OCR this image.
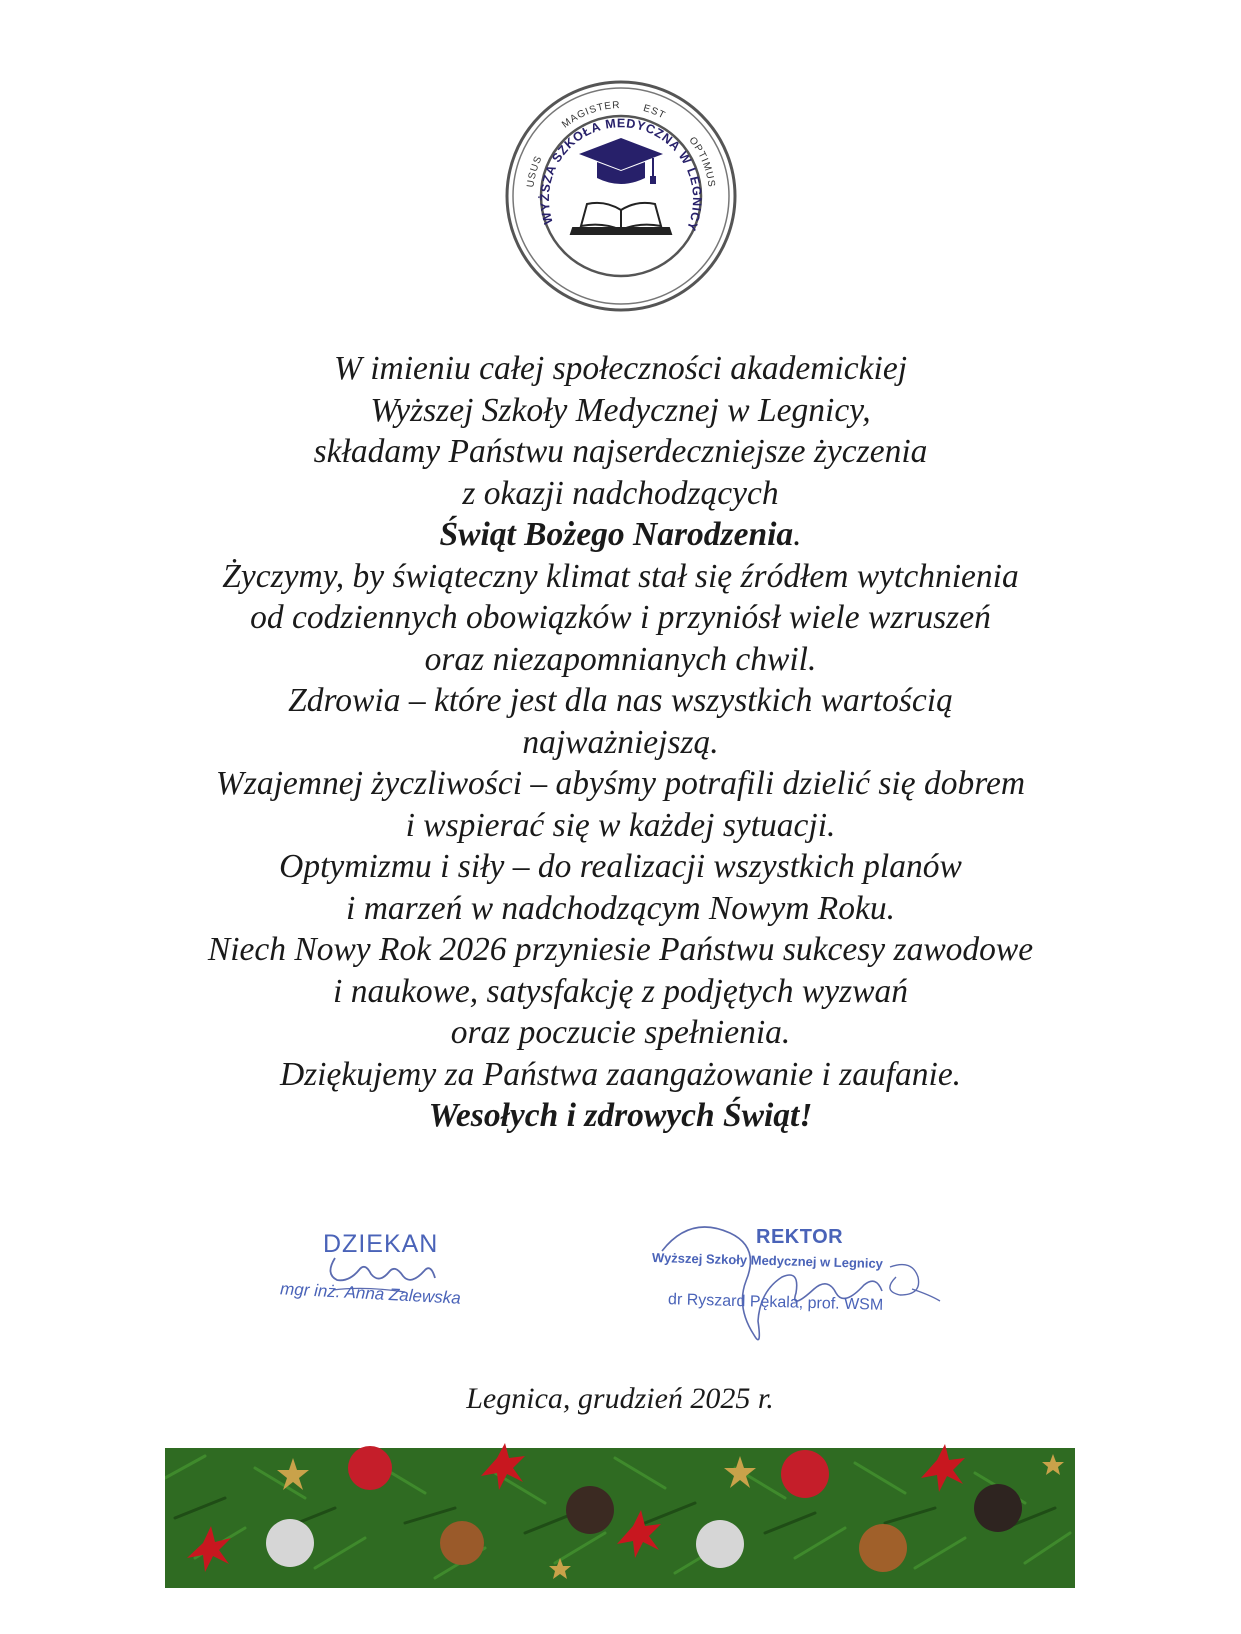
USUS
MAGISTER EST
OPTIMUS
WYŻSZA SZKOŁA MEDYCZNA W LEGNICY
W imieniu całej społeczności akademickiej
Wyższej Szkoły Medycznej w Legnicy,
składamy Państwu najserdeczniejsze życzenia
z okazji nadchodzących
Świąt Bożego Narodzenia.
Życzymy, by świąteczny klimat stał się źródłem wytchnienia
od codziennych obowiązków i przyniósł wiele wzruszeń
oraz niezapomnianych chwil.
Zdrowia – które jest dla nas wszystkich wartością
najważniejszą.
Wzajemnej życzliwości – abyśmy potrafili dzielić się dobrem
i wspierać się w każdej sytuacji.
Optymizmu i siły – do realizacji wszystkich planów
i marzeń w nadchodzącym Nowym Roku.
Niech Nowy Rok 2026 przyniesie Państwu sukcesy zawodowe
i naukowe, satysfakcję z podjętych wyzwań
oraz poczucie spełnienia.
Dziękujemy za Państwa zaangażowanie i zaufanie.
Wesołych i zdrowych Świąt!
DZIEKAN
mgr inż. Anna Zalewska
REKTOR
Wyższej Szkoły Medycznej w Legnicy
dr Ryszard Pękala, prof. WSM
Legnica, grudzień 2025 r.
